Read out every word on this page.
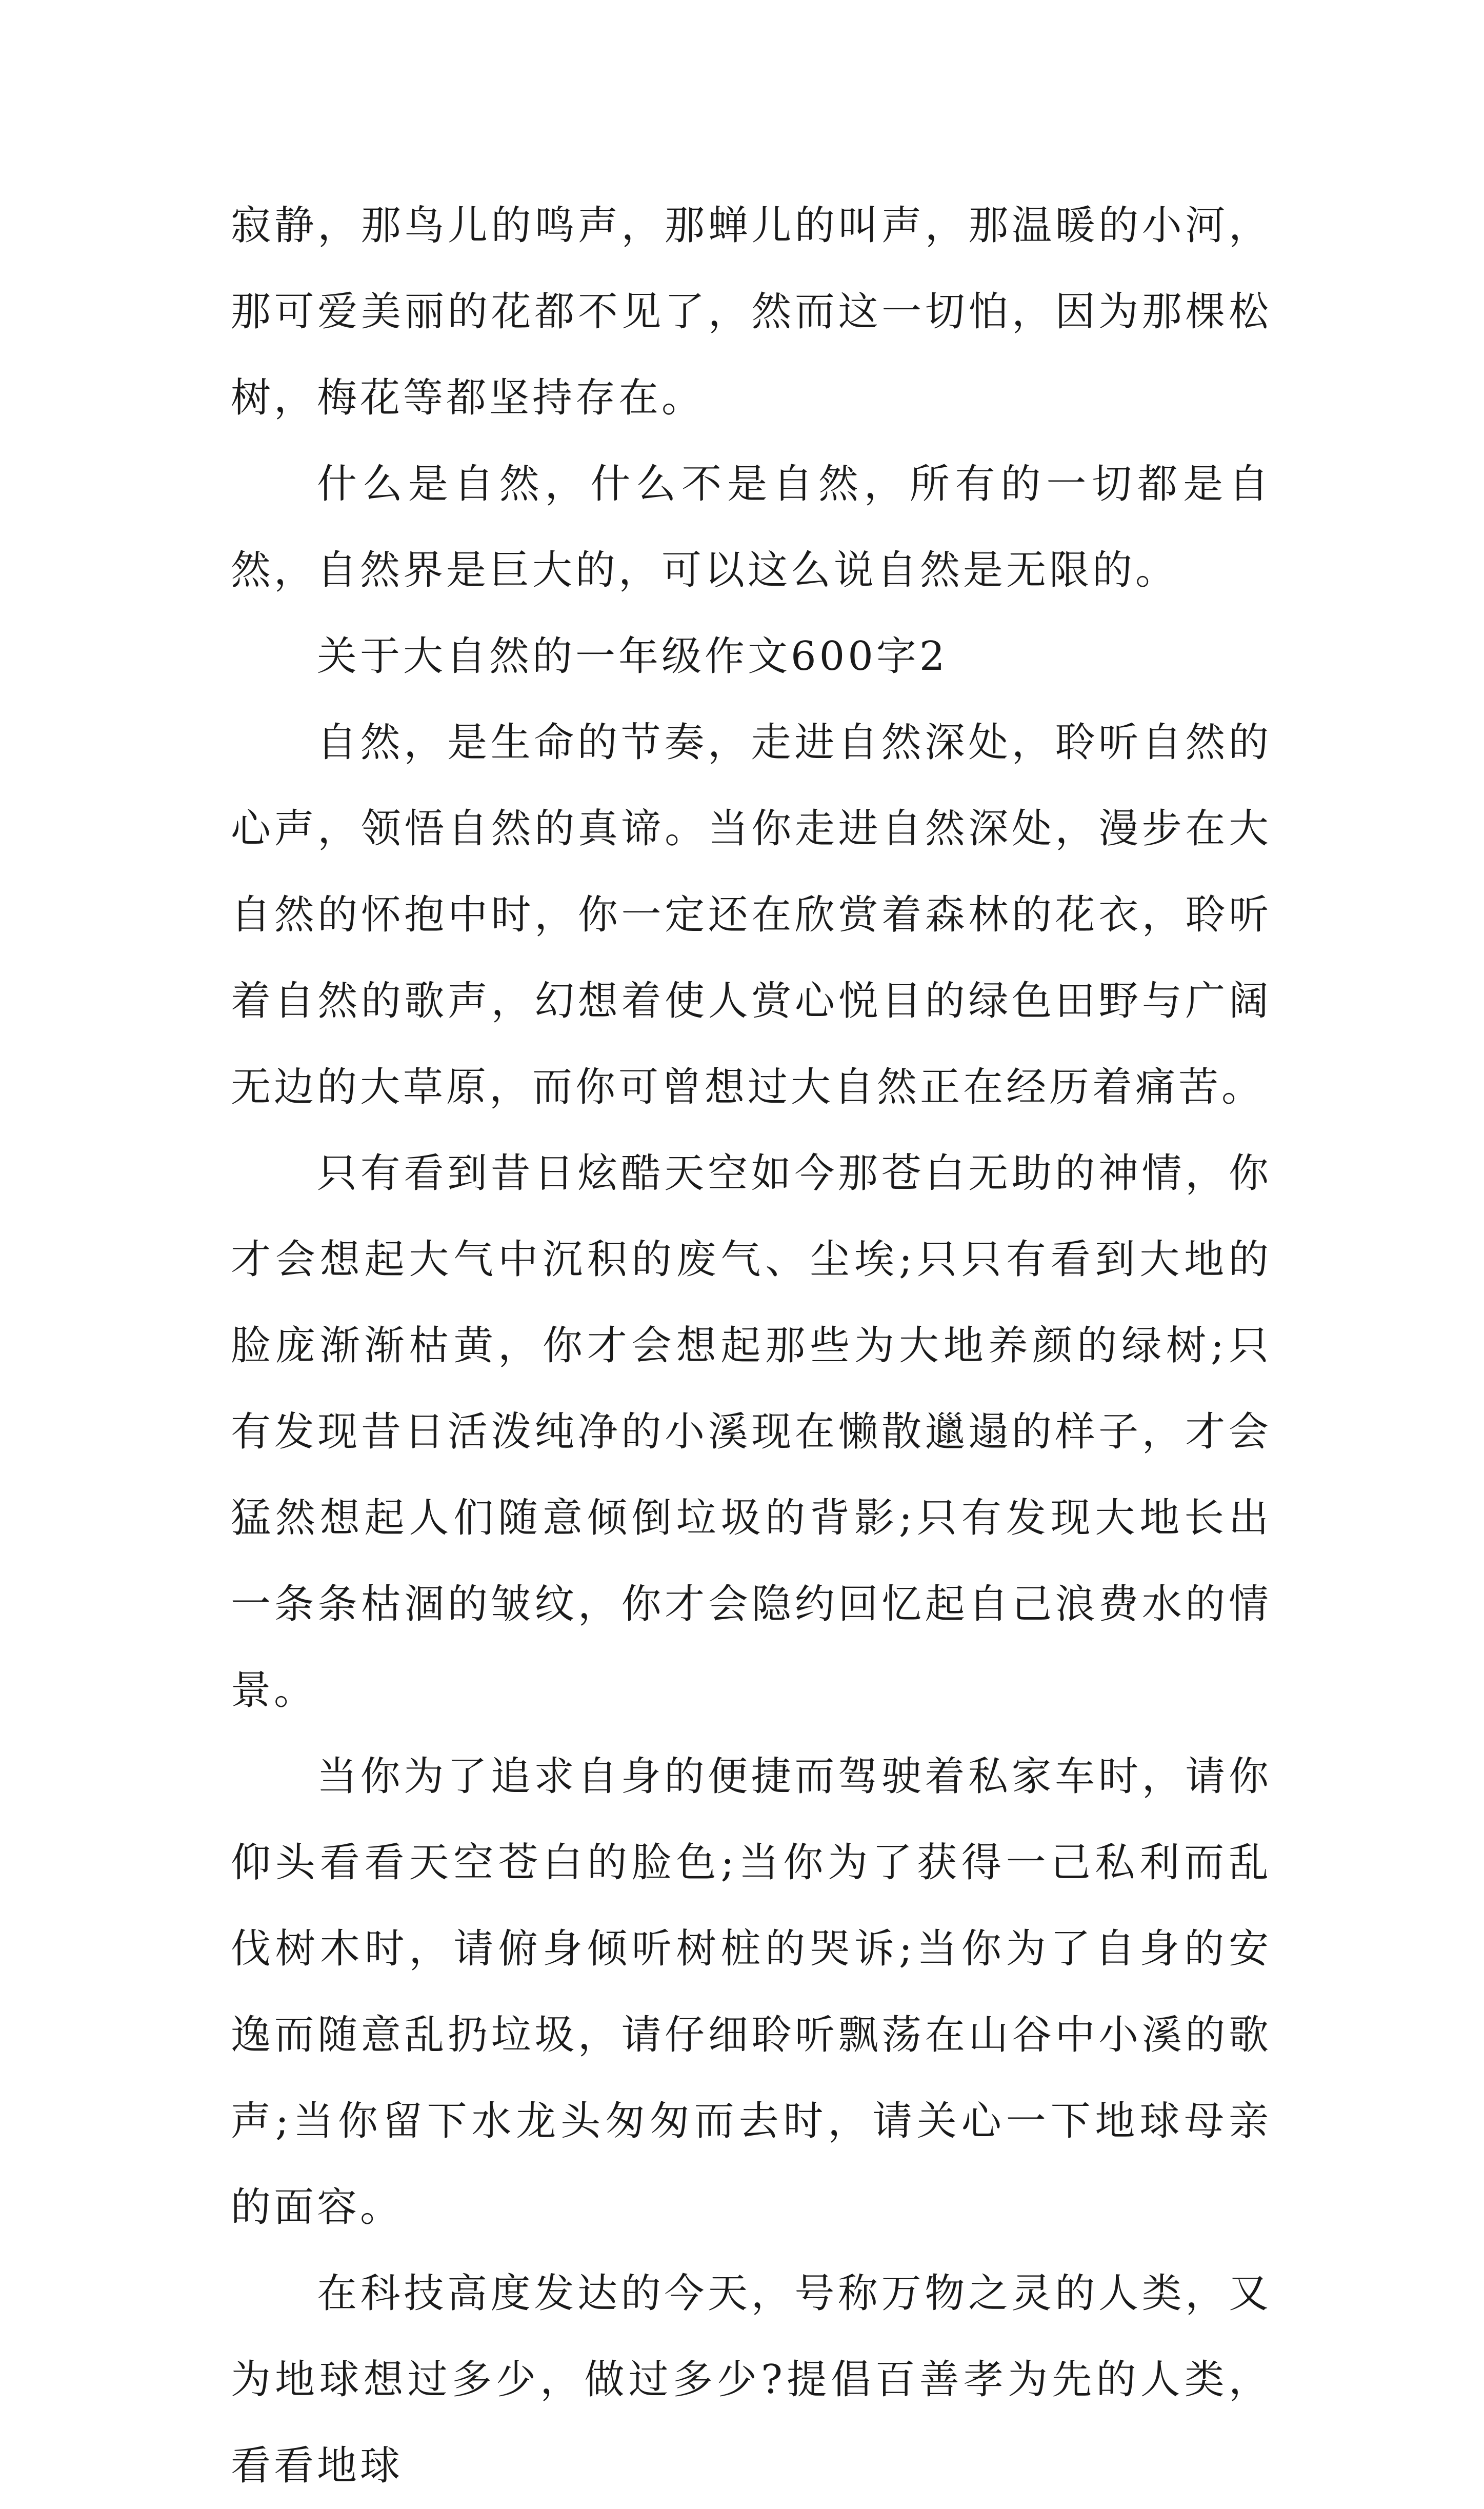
寂静，那鸟儿的鸣声，那蝉儿的叫声，那温暖的小河，那可爱美丽的花都不见了，然而这一切怕，因为那棵松树，梅花等都坚持存在。

什么是自然，什么不是自然，所有的一切都是自然，自然界是巨大的，可以这么说自然是无限的。

关于大自然的一年级作文600字2

自然，是生命的节奏，走进自然深处，聆听自然的心声，领悟自然的真谛。当你走进自然深处，漫步在大自然的怀抱中时，你一定还在欣赏着森林的花衣，聆听着自然的歌声，幻想着使人赏心悦目的绿色田野与广阔无边的大草原，而你可曾想过大自然正在经历着痛苦。

只有看到昔日炫酷天空如今那苍白无助的神情，你才会想起大气中沉积的废气、尘埃;只只有看到大地的脸庞渐渐枯黄，你才会想起那些为大地养颜的绿树;只有发现昔日活泼纯净的小溪现在懒散邋遢的样子，才会猛然想起人们随意倾倒垃圾的背影;只有发现大地长出一条条枯涸的皱纹，你才会隐约回忆起自己浪费水的情景。

当你为了追求自身的便捷而驾驶着私家车时，请你仰头看看天空苍白的脸色;当你为了获得一己私利而乱伐树木时，请俯身倾听树桩的哭诉;当你为了自身的安逸而随意乱扔垃圾，请仔细聆听飘荡在山谷中小溪的歌声;当你留下水龙头匆匆而去时，请关心一下地球母亲的面容。

在科技高度发达的今天，号称万物之灵的人类，又为地球想过多少，做过多少?提倡百善孝为先的人类，看看地球
